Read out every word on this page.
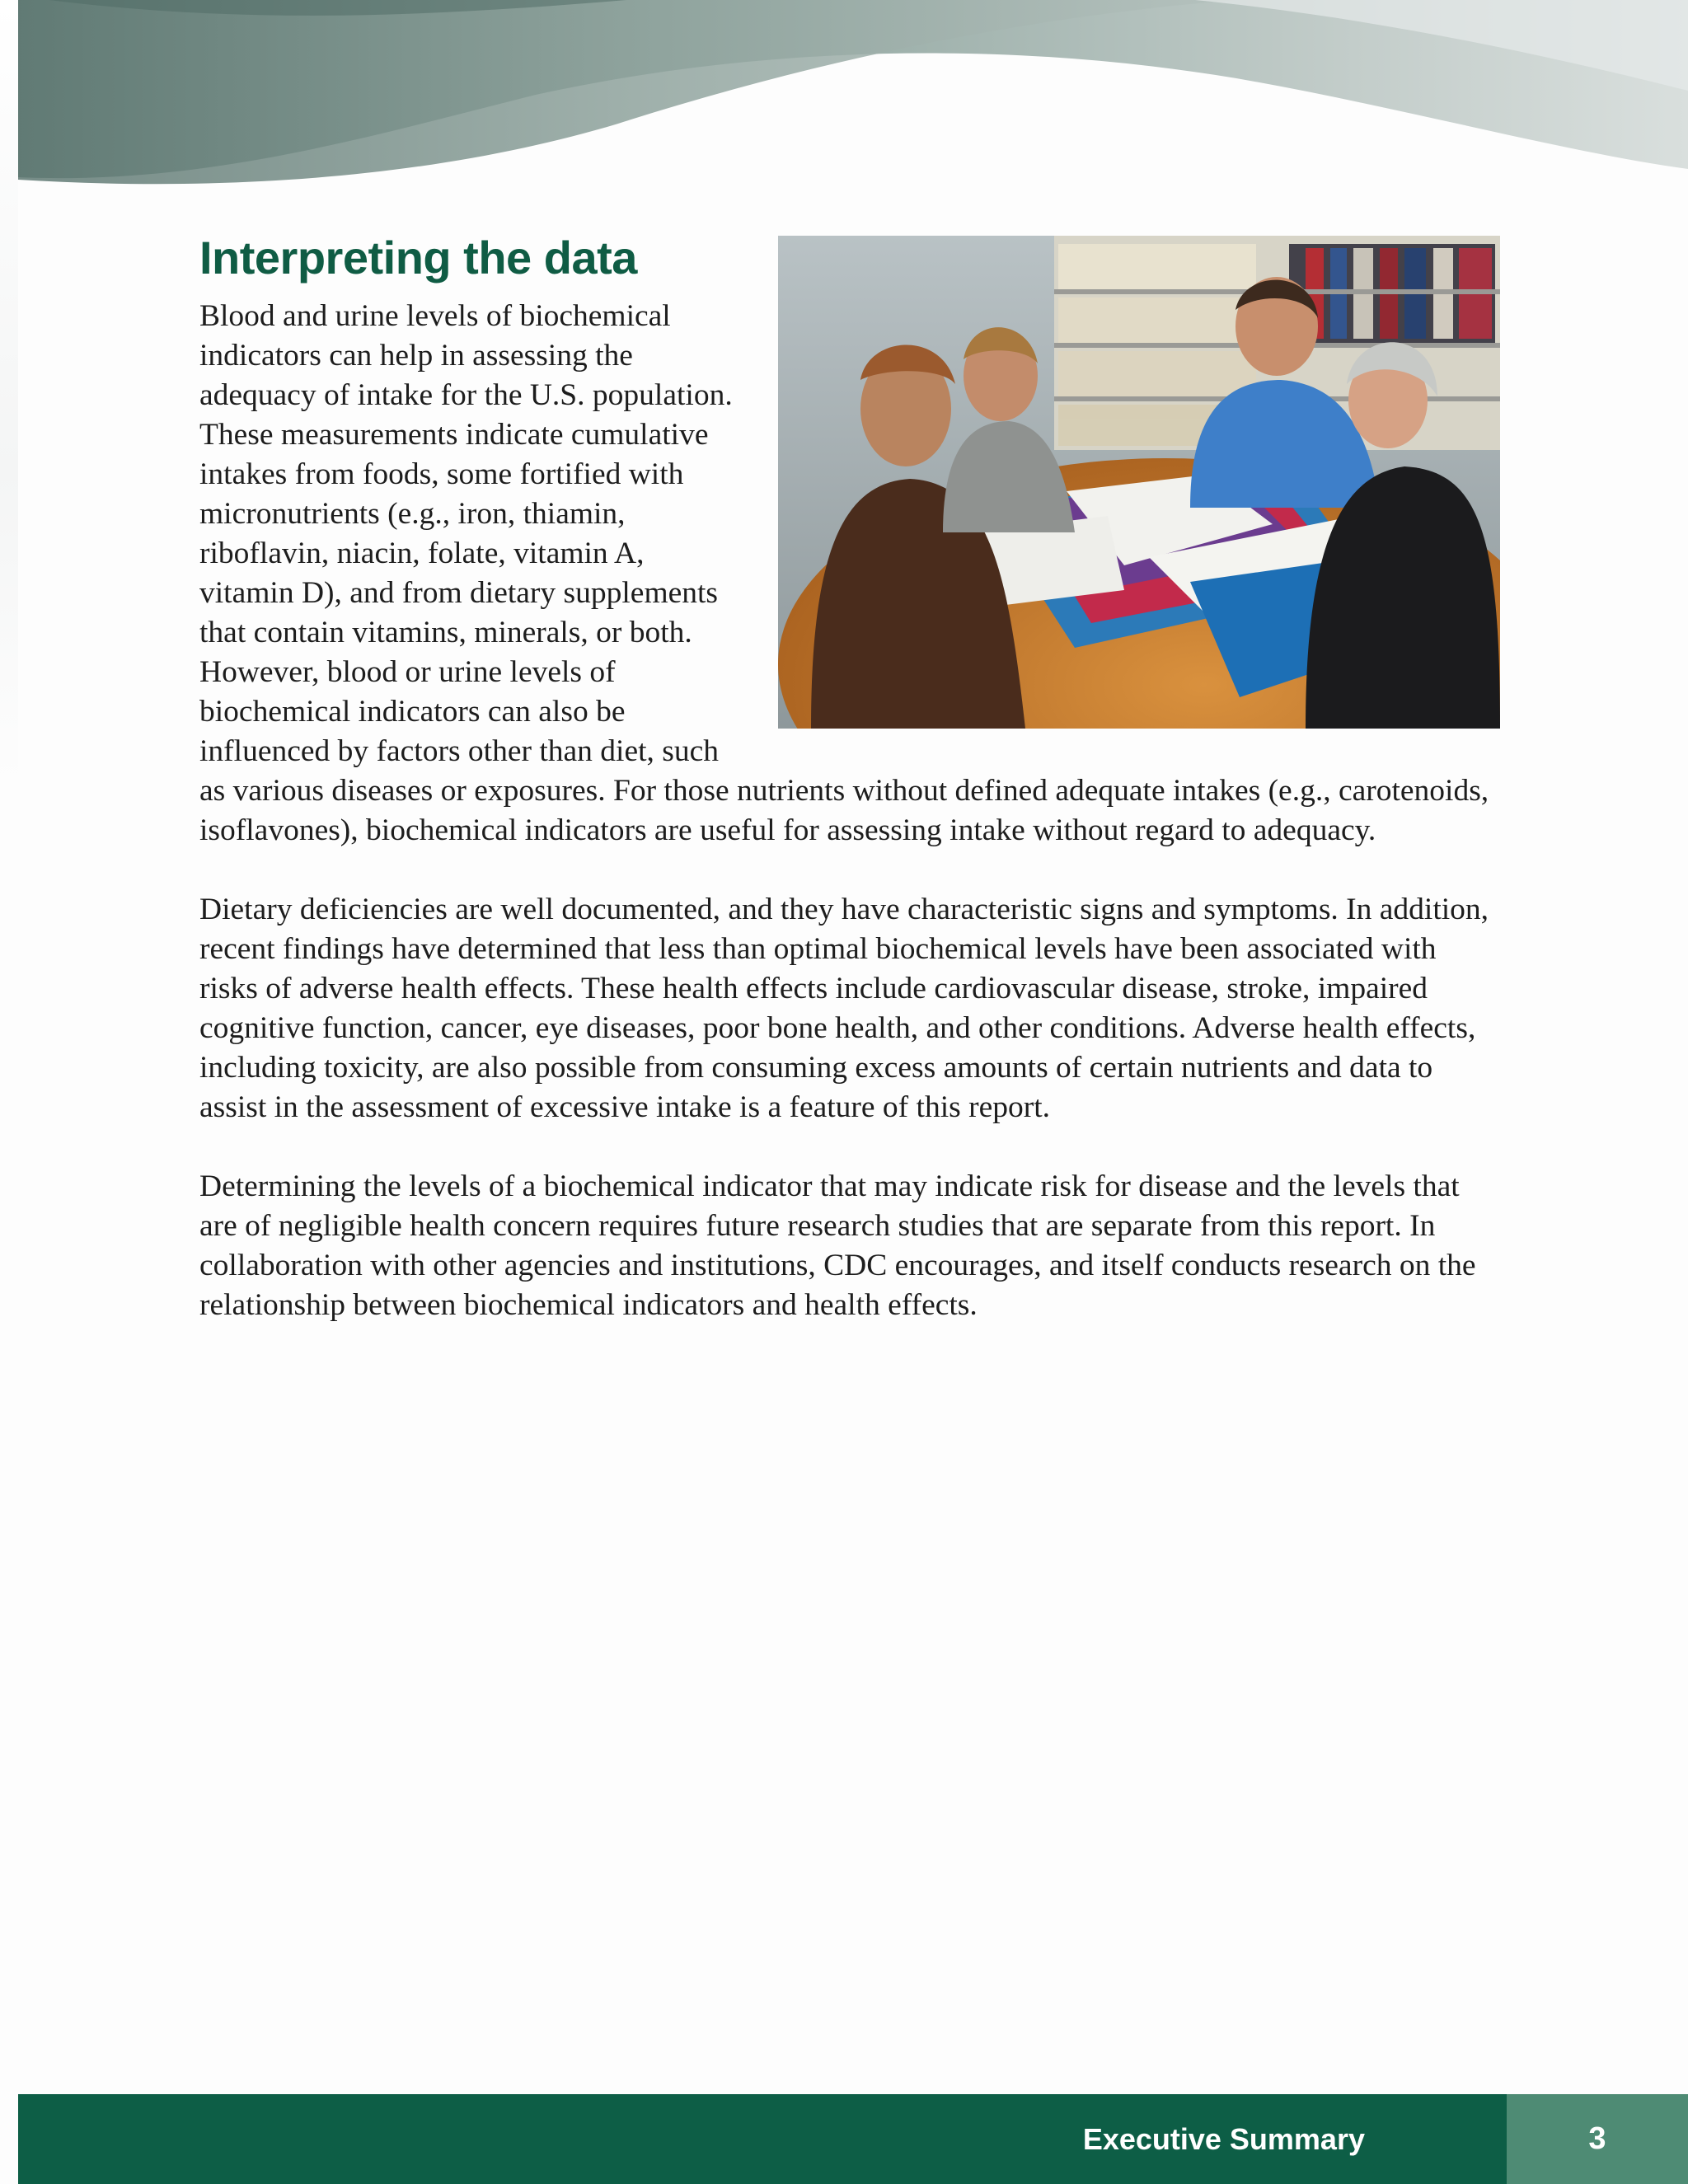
Interpreting the data

Blood and urine levels of biochemical indicators can help in assessing the adequacy of intake for the U.S. population. These measurements indicate cumulative intakes from foods, some fortified with micronutrients (e.g., iron, thiamin, riboflavin, niacin, folate, vitamin A, vitamin D), and from dietary supplements that contain vitamins, minerals, or both. However, blood or urine levels of biochemical indicators can also be influenced by factors other than diet, such as various diseases or exposures. For those nutrients without defined adequate intakes (e.g., carotenoids, isoflavones), biochemical indicators are useful for assessing intake without regard to adequacy.

Dietary deficiencies are well documented, and they have characteristic signs and symptoms. In addition, recent findings have determined that less than optimal biochemical levels have been associated with risks of adverse health effects. These health effects include cardiovascular disease, stroke, impaired cognitive function, cancer, eye diseases, poor bone health, and other conditions. Adverse health effects, including toxicity, are also possible from consuming excess amounts of certain nutrients and data to assist in the assessment of excessive intake is a feature of this report.

Determining the levels of a biochemical indicator that may indicate risk for disease and the levels that are of negligible health concern requires future research studies that are separate from this report. In collaboration with other agencies and institutions, CDC encourages, and itself conducts research on the relationship between biochemical indicators and health effects.

Executive Summary	3
